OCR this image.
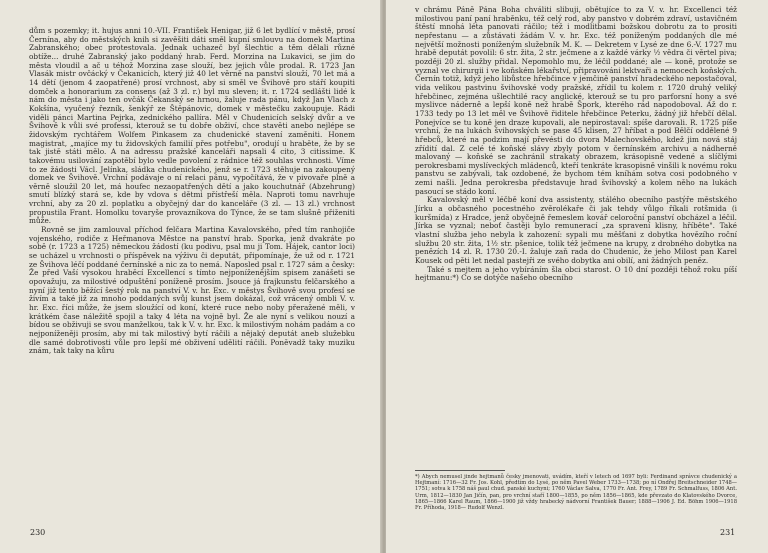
dům s pozemky; it. hujus anni 10.-VII. František Henigar, již 6 let bydlící v městě, prosí Černína, aby do městských knih si zavěšiti dáti směl kupní smlouvu na domek Martina Zabranského; obec protestovala. Jednak uchazeč byl šlechtic a těm dělali různé obtíže... druhé Zabranský jako poddaný hrab. Ferd. Morzina na Lukavici, se jim do města vloudil a ač u téhož Morzina zase slouží, bez jejich vůle prodal. R. 1723 Jan Vlasák mistr ovčácký v Čekanicích, který již 40 let věrně na panství slouží, 70 let má a 14 dětí (jenom 4 zaopatřené) prosí vrchnost, aby si směl ve Švihově pro stáří koupiti domček a honorarium za consens (až 3 zl. r.) byl mu sleven; it. r. 1724 sedlášti lidé k nám do města i jako ten ovčák Čekanský se hrnou, žaluje rada pánu, když Jan Vlach z Kokšína, vyučený řezník, šenkýř ze Štěpánovic, domek v městečku zakoupuje. Rádi viděli pánci Martina Pejrka, zednického pallíra. Měl v Chudenicích selský dvůr a ve Švihově k vůli své professi, kterouž se tu dobře obživí, chce stavěti anebo nejlépe se židovským rychtářem Wolfem Pinkasem za chudenické stavení zaměniti. Honem magistrat, „majíce my tu židovských familií přes potřebu", orodují u hraběte, že by se tak jistě státi mělo. A na adressu pražské kanceláři napsali 4 cito, 3 citissime. K takovému usilování zapotěbí bylo vedle povolení z rádnice též souhlas vrchnosti. Víme to ze žádosti Václ. Jelínka, sládka chudenického, jenž se r. 1723 stěhuje na zakoupený domek ve Švihově. Vrchní podávaje o ní relaci pánu, vypočítává, že v pivovaře plně a věrně sloužil 20 let, má houfec nezaopatřených dětí a jako kouchutnář (Abzehrung) smutí blízký stará se, kde by vdova s dětmi přístřeší měla. Naproti tomu navrhuje vrchní, aby za 20 zl. poplatku a obyčejný dar do kanceláře (3 zl. — 13 zl.) vrchnost propustila Frant. Homolku tovaryše provazníkova do Týnce, že se tam slušně přiženiti může.

Rovně se jim zamlouval příchod felčara Martina Kavalovského, před tím ranhojiče vojenského, rodiče z Heřmanova Městce na panství hrab. Sporka, jenž dvakráte po sobě (r. 1723 a 1725) německou žádostí (ku podivu, psal mu ji Tom. Hájek, cantor loci) se ucházel u vrchnosti o příspěvek na výživu či deputát, připomínaje, že už od r. 1721 ze Švihova léčí poddané černínské a nic za to nemá. Naposled psal r. 1727 sám a česky: Že před Vaší vysokou hraběcí Excellencí s tímto nejponíženějším spisem zanášeti se opovažuju, za milostivé odpuštění poníženě prosím. Jsouce já frajkunstu felčarského a nyní již tento běžící šestý rok na panství V. v. hr. Exc. v městys Švihově svou profesí se živím a také již za mnoho poddaných svůj kunst jsem dokázal, což vrácený ombli V. v. hr. Exc. říci může, že jsem sloužící od koní, které ruce nebo noby přeražené měli, v krátkém čase náležitě spojil a taky 4 léta na vojně byl. Že ale nyní s velikou nouzí a bídou se obživuji se svou manželkou, tak k V. v. hr. Exc. k milostivým nohám padám a co nejponíženěji prosím, aby mi tak milostivý bytí ráčili a nějaký deputát aneb služebku dle samé dobrotivosti vůle pro lepší mé obživení udělití ráčili. Poněvadž taky muziku znám, tak taky na kůru

230

v chrámu Páně Pána Boha chváliti slibuji, obětujíce to za V. v. hr. Excellenci též milostivou paní paní hraběnku, též celý rod, aby panstvo v dobrém zdraví, ustavičném štěstí mnohá léta panovati ráčilo; též i modlitbami božskou dobrotu za to prositi nepřestanu — a zůstávati žádám V. v. hr. Exc. též poníženým poddaných dle mé největší možnosti poníženým služebník M. K. — Dekretem v Lysé ze dne 6.-V. 1727 mu hrabě deputát povolil: 6 str. žita, 2 str. ječmene a z každé várky ½ vědra či věrtel piva; později 20 zl. služby přidal. Nepomohlo mu, že léčil poddané; ale — koně, protože se vyznal ve chirurgii i ve koňském lékařství, připravováni lektvaři a nemocech koňských. Černín totiž, když jeho libůstce hřebčince v jemčině panství hradeckého nepostačoval, vida velikou pastvinu švihovské vody pražské, zřídil tu kolem r. 1720 druhý veliký hřebčinec, zejména ušlechtilé racy anglické, kterouž se tu pro parforsní hony a své myslivce náderně a lepší koně než hrabě Špork, kterého rád napodoboval. Až do r. 1733 tedy po 13 let měl ve Švihově řiditele hřebčince Peterku, žádný již hřebčí dělal. Ponejvíce se tu koně jen draze kupovali, ale nepirostaval: spíše darovali. R. 1725 píše vrchní, že na lukách švihovských se pase 45 klisen, 27 hříbat a pod Bělčí oddělené 9 hřebců, které na podzim mají převésti do dvora Malechovského, kdež jim nová stáj zřídití dal. Z celé té koňské slávy zbyly potom v černínském archivu a nádherně malovaný — koňské se zachránil strakatý obrazem, krásopisně vedené a slíčlými perokresbami myslíveckých mládenců, kteří tenkráte krasopisně vinšili k novému roku panstvu se zabývali, tak ozdobené, že bychom tém kníhám sotva cosi podobného v zemi našli. Jedna perokresba představuje hrad švihovský a kolem něho na lukách pasoucí se stádo koní.

Kavalovský měl v léčbě koní dva assistenty, stálého obecního pastýře městského Jírku a občasného pocestného zvěrolékaře či jak tehdy vůlgo říkali rotšmida (i kuršmída) z Hradce, jenž obyčejně řemeslem kovář celoroční panství obcházel a léčil. Jírka se vyznal; neboť častěji bylo remunerací „za spravení klisny, hříběte". Také vlastní služba jeho nebyla k zahození: sypali mu měšťani z dobytka hovězího roční službu 20 str. žita, 1½ str. pšenice, tolik též ječmene na krupy, z drobného dobytka na penězích 14 zl. R. 1730 20.-I. žaluje zaň rada do Chudenic, že jeho Milost pan Karel Kousek od pěti let nedal pastejři ze svého dobytka ani obilí, ani žádných peněz.

Také s mejtem a jeho vybíráním šla obci starost. O 10 dní později téhož roku píší hejtmanu:*) Co se dotýče našeho obecního

*) Abych nemusel jinde hejtmanů česky jmenovati, uvádím, kteří v letech od 1697 byli: Ferdinand správce chudenický a Hejtmaní: 1716—32 Fr. Jos. Kohl, předtím do Lysé, po něm Pavel Weber 1733—1738; po ní Ondřej Breitschneider 1748—1751; sotva k 1758 náš paul chud. panské kuchyni; 1760 Václav Salva, 1770 Fr. Ant. Frey, 1789 Fr. Schmalfuss, 1806 Ant. Urm, 1812—1830 Jan Jičín, pan, pro vrchní staří 1800—1855, po něm 1856—1865, kde převzato do Klatovského Dvorce, 1865—1866 Karel Raum, 1866—1900 již vždy hrabecký nádvorní František Bauer; 1888—1906 J. Ed. Böhm 1906—1918 Fr. Příhoda, 1918— Rudolf Wenzl.
231
